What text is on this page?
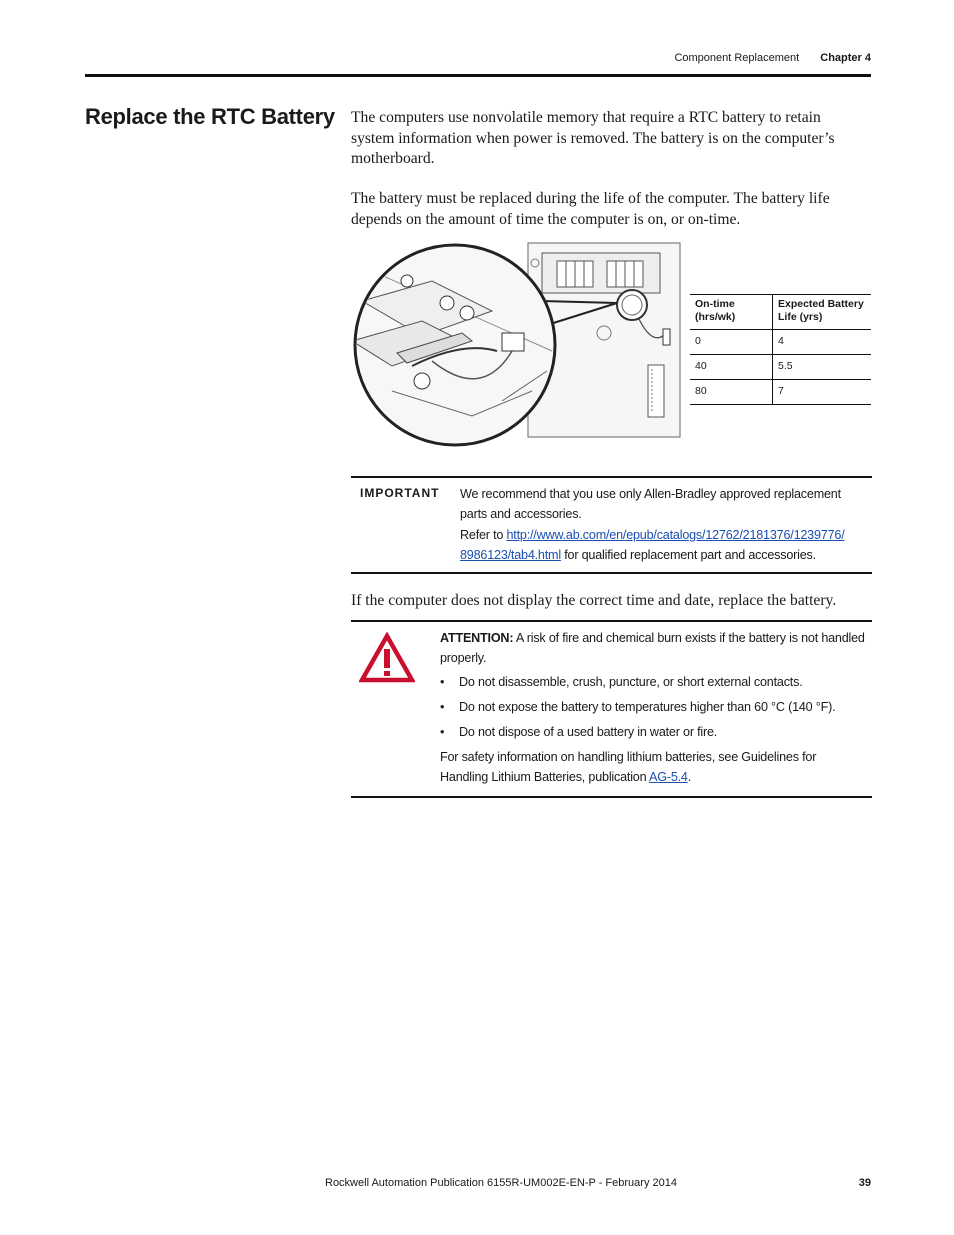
Component Replacement Chapter 4
Replace the RTC Battery The computers use nonvolatile memory that require a RTC battery to retain system information when power is removed. The battery is on the computer’s motherboard.

The battery must be replaced during the life of the computer. The battery life depends on the amount of time the computer is on, or on-time.

On-time (hrs/wk)	Expected Battery Life (yrs)
0	4
40	5.5
80	7
IMPORTANT We recommend that you use only Allen-Bradley approved replacement parts and accessories.
Refer to http://www.ab.com/en/epub/catalogs/12762/2181376/1239776/
8986123/tab4.html for qualified replacement part and accessories.

If the computer does not display the correct time and date, replace the battery.

ATTENTION: A risk of fire and chemical burn exists if the battery is not handled properly.
• Do not disassemble, crush, puncture, or short external contacts.
• Do not expose the battery to temperatures higher than 60 °C (140 °F).
• Do not dispose of a used battery in water or fire.

For safety information on handling lithium batteries, see Guidelines for Handling Lithium Batteries, publication AG-5.4.

Rockwell Automation Publication 6155R-UM002E-EN-P - February 2014	39
